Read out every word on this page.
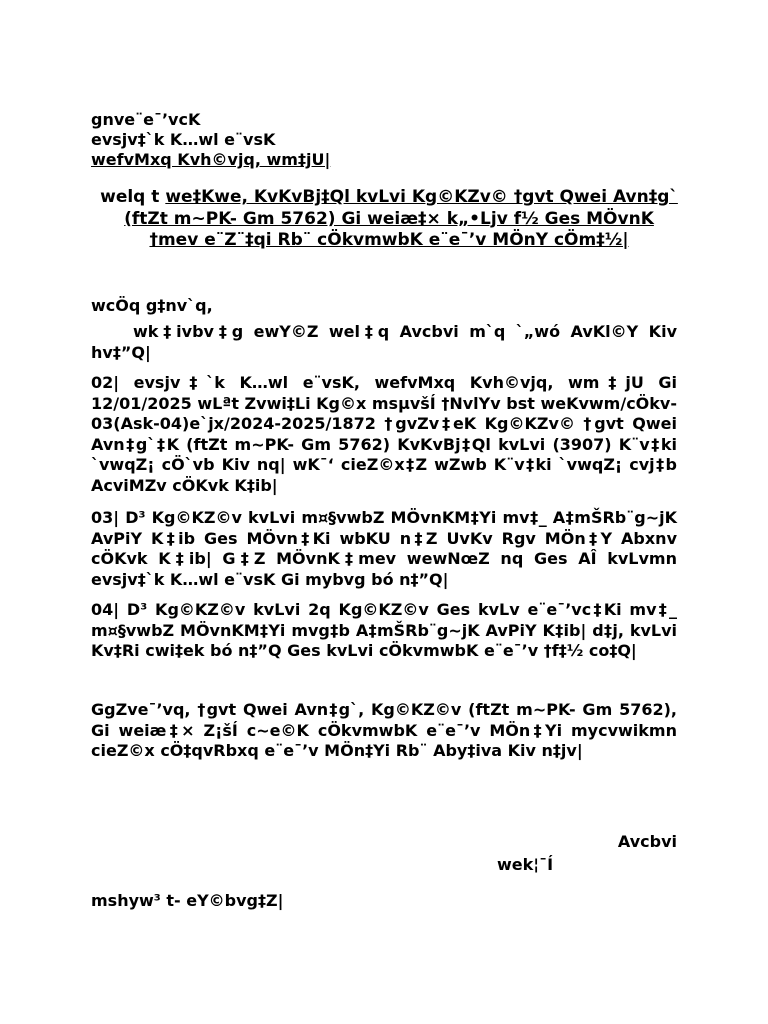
gnve¨e¯’vcK
evsjv‡`k K…wl e¨vsK
wefvMxq Kvh©vjq, wm‡jU|
welq t we‡Kwe, KvKvBj‡Ql kvLvi Kg©KZv© †gvt Qwei Avn‡g` (ftZt m~PK- Gm 5762) Gi weiæ‡× k„•Ljv f½ Ges MÖvnK †mev e¨Z¨‡qi Rb¨ cÖkvmwbK e¨e¯’v MÖnY cÖm‡½|
wcÖq g‡nv`q,
wk‡ivbv‡g ewY©Z wel‡q Avcbvi m`q `„wó AvKl©Y Kiv hv‡”Q|
02| evsjv‡`k K…wl e¨vsK, wefvMxq Kvh©vjq, wm‡jU Gi 12/01/2025 wLªt Zvwi‡Li Kg©x msµvšÍ †NvlYv bst weKvwm/cÖkv-03(Ask-04)e`jx/2024-2025/1872 †gvZv‡eK Kg©KZv© †gvt Qwei Avn‡g`‡K (ftZt m~PK- Gm 5762) KvKvBj‡Ql kvLvi (3907) K¨v‡ki `vwqZ¡ cÖ`vb Kiv nq| wK¯‘ cieZ©x‡Z wZwb K¨v‡ki `vwqZ¡ cvj‡b AcviMZv cÖKvk K‡ib|
03| D³ Kg©KZ©v kvLvi m¤§vwbZ MÖvnKM‡Yi mv‡_ A‡mŠRb¨g~jK AvPiY K‡ib Ges MÖvn‡Ki wbKU n‡Z UvKv Rgv MÖn‡Y Abxnv cÖKvk K‡ib| G‡Z MÖvnK‡mev wewNœZ nq Ges AÎ kvLvmn evsjv‡`k K…wl e¨vsK Gi mybvg bó n‡”Q|
04| D³ Kg©KZ©v kvLvi 2q Kg©KZ©v Ges kvLv e¨e¯’vc‡Ki mv‡_ m¤§vwbZ MÖvnKM‡Yi mvg‡b A‡mŠRb¨g~jK AvPiY K‡ib| d‡j, kvLvi Kv‡Ri cwi‡ek bó n‡”Q Ges kvLvi cÖkvmwbK e¨e¯’v †f‡½ co‡Q|
GgZve¯’vq, †gvt Qwei Avn‡g`, Kg©KZ©v (ftZt m~PK- Gm 5762), Gi weiæ‡× Z¡šÍ c~e©K cÖkvmwbK e¨e¯’v MÖn‡Yi mycvwikmn cieZ©x cÖ‡qvRbxq e¨e¯’v MÖn‡Yi Rb¨ Aby‡iva Kiv n‡jv|
Avcbvi
wek¦¯Í
mshyw³ t- eY©bvg‡Z|
